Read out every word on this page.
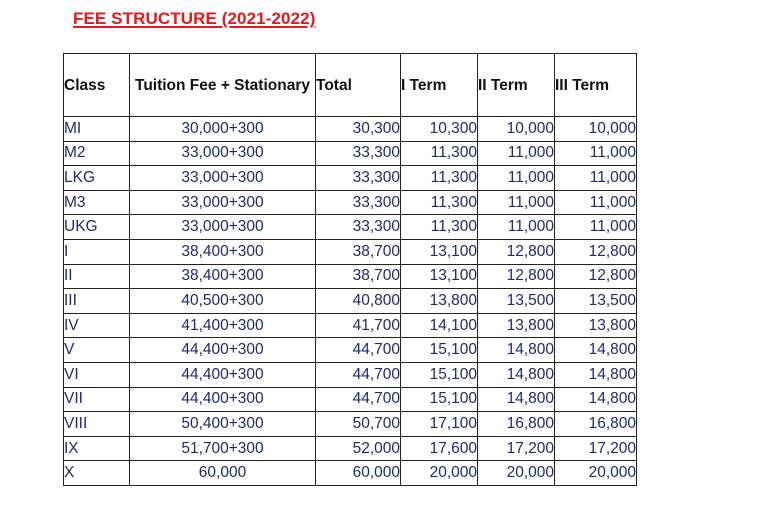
FEE STRUCTURE (2021-2022)
Class	Tuition Fee + Stationary	Total	I Term	II Term	III Term
MI	30,000+300	30,300	10,300	10,000	10,000
M2	33,000+300	33,300	11,300	11,000	11,000
LKG	33,000+300	33,300	11,300	11,000	11,000
M3	33,000+300	33,300	11,300	11,000	11,000
UKG	33,000+300	33,300	11,300	11,000	11,000
I	38,400+300	38,700	13,100	12,800	12,800
II	38,400+300	38,700	13,100	12,800	12,800
III	40,500+300	40,800	13,800	13,500	13,500
IV	41,400+300	41,700	14,100	13,800	13,800
V	44,400+300	44,700	15,100	14,800	14,800
VI	44,400+300	44,700	15,100	14,800	14,800
VII	44,400+300	44,700	15,100	14,800	14,800
VIII	50,400+300	50,700	17,100	16,800	16,800
IX	51,700+300	52,000	17,600	17,200	17,200
X	60,000	60,000	20,000	20,000	20,000
